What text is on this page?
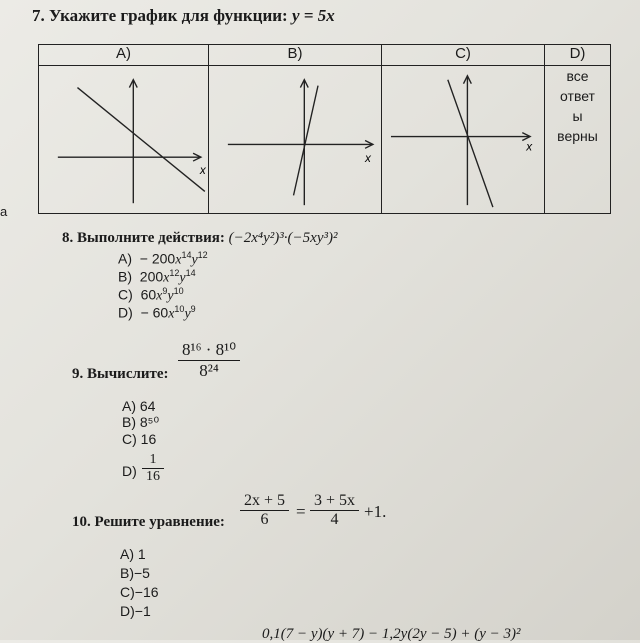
7. Укажите график для функции: y = 5x
A)	B)	C)	D)

x	x	x	все
ответ
ы
верны
а
8. Выполните действия: (−2x⁴y²)³·(−5xy³)²
$A) - 200x^{14}y^{12}$
B) $200x^{12}y^{14}$
C) $60x^9y^{10}$
$D) - 60x^{10}y^9$
9. Вычислите: $\frac{\text{8¹⁶ · 8¹⁰}}{\text{8²⁴}}$
A) 64
B) 8⁵⁰
C) 16
$D) \frac{1}{16}$
10. Решите уравнение: $\frac{2x + 5}{6} = \frac{3 + 5x}{4} +1$.
A) 1
B)−5
C)−16
D)−1
0,1(7 − y)(y + 7) − 1,2y(2y − 5) + (y − 3)²
